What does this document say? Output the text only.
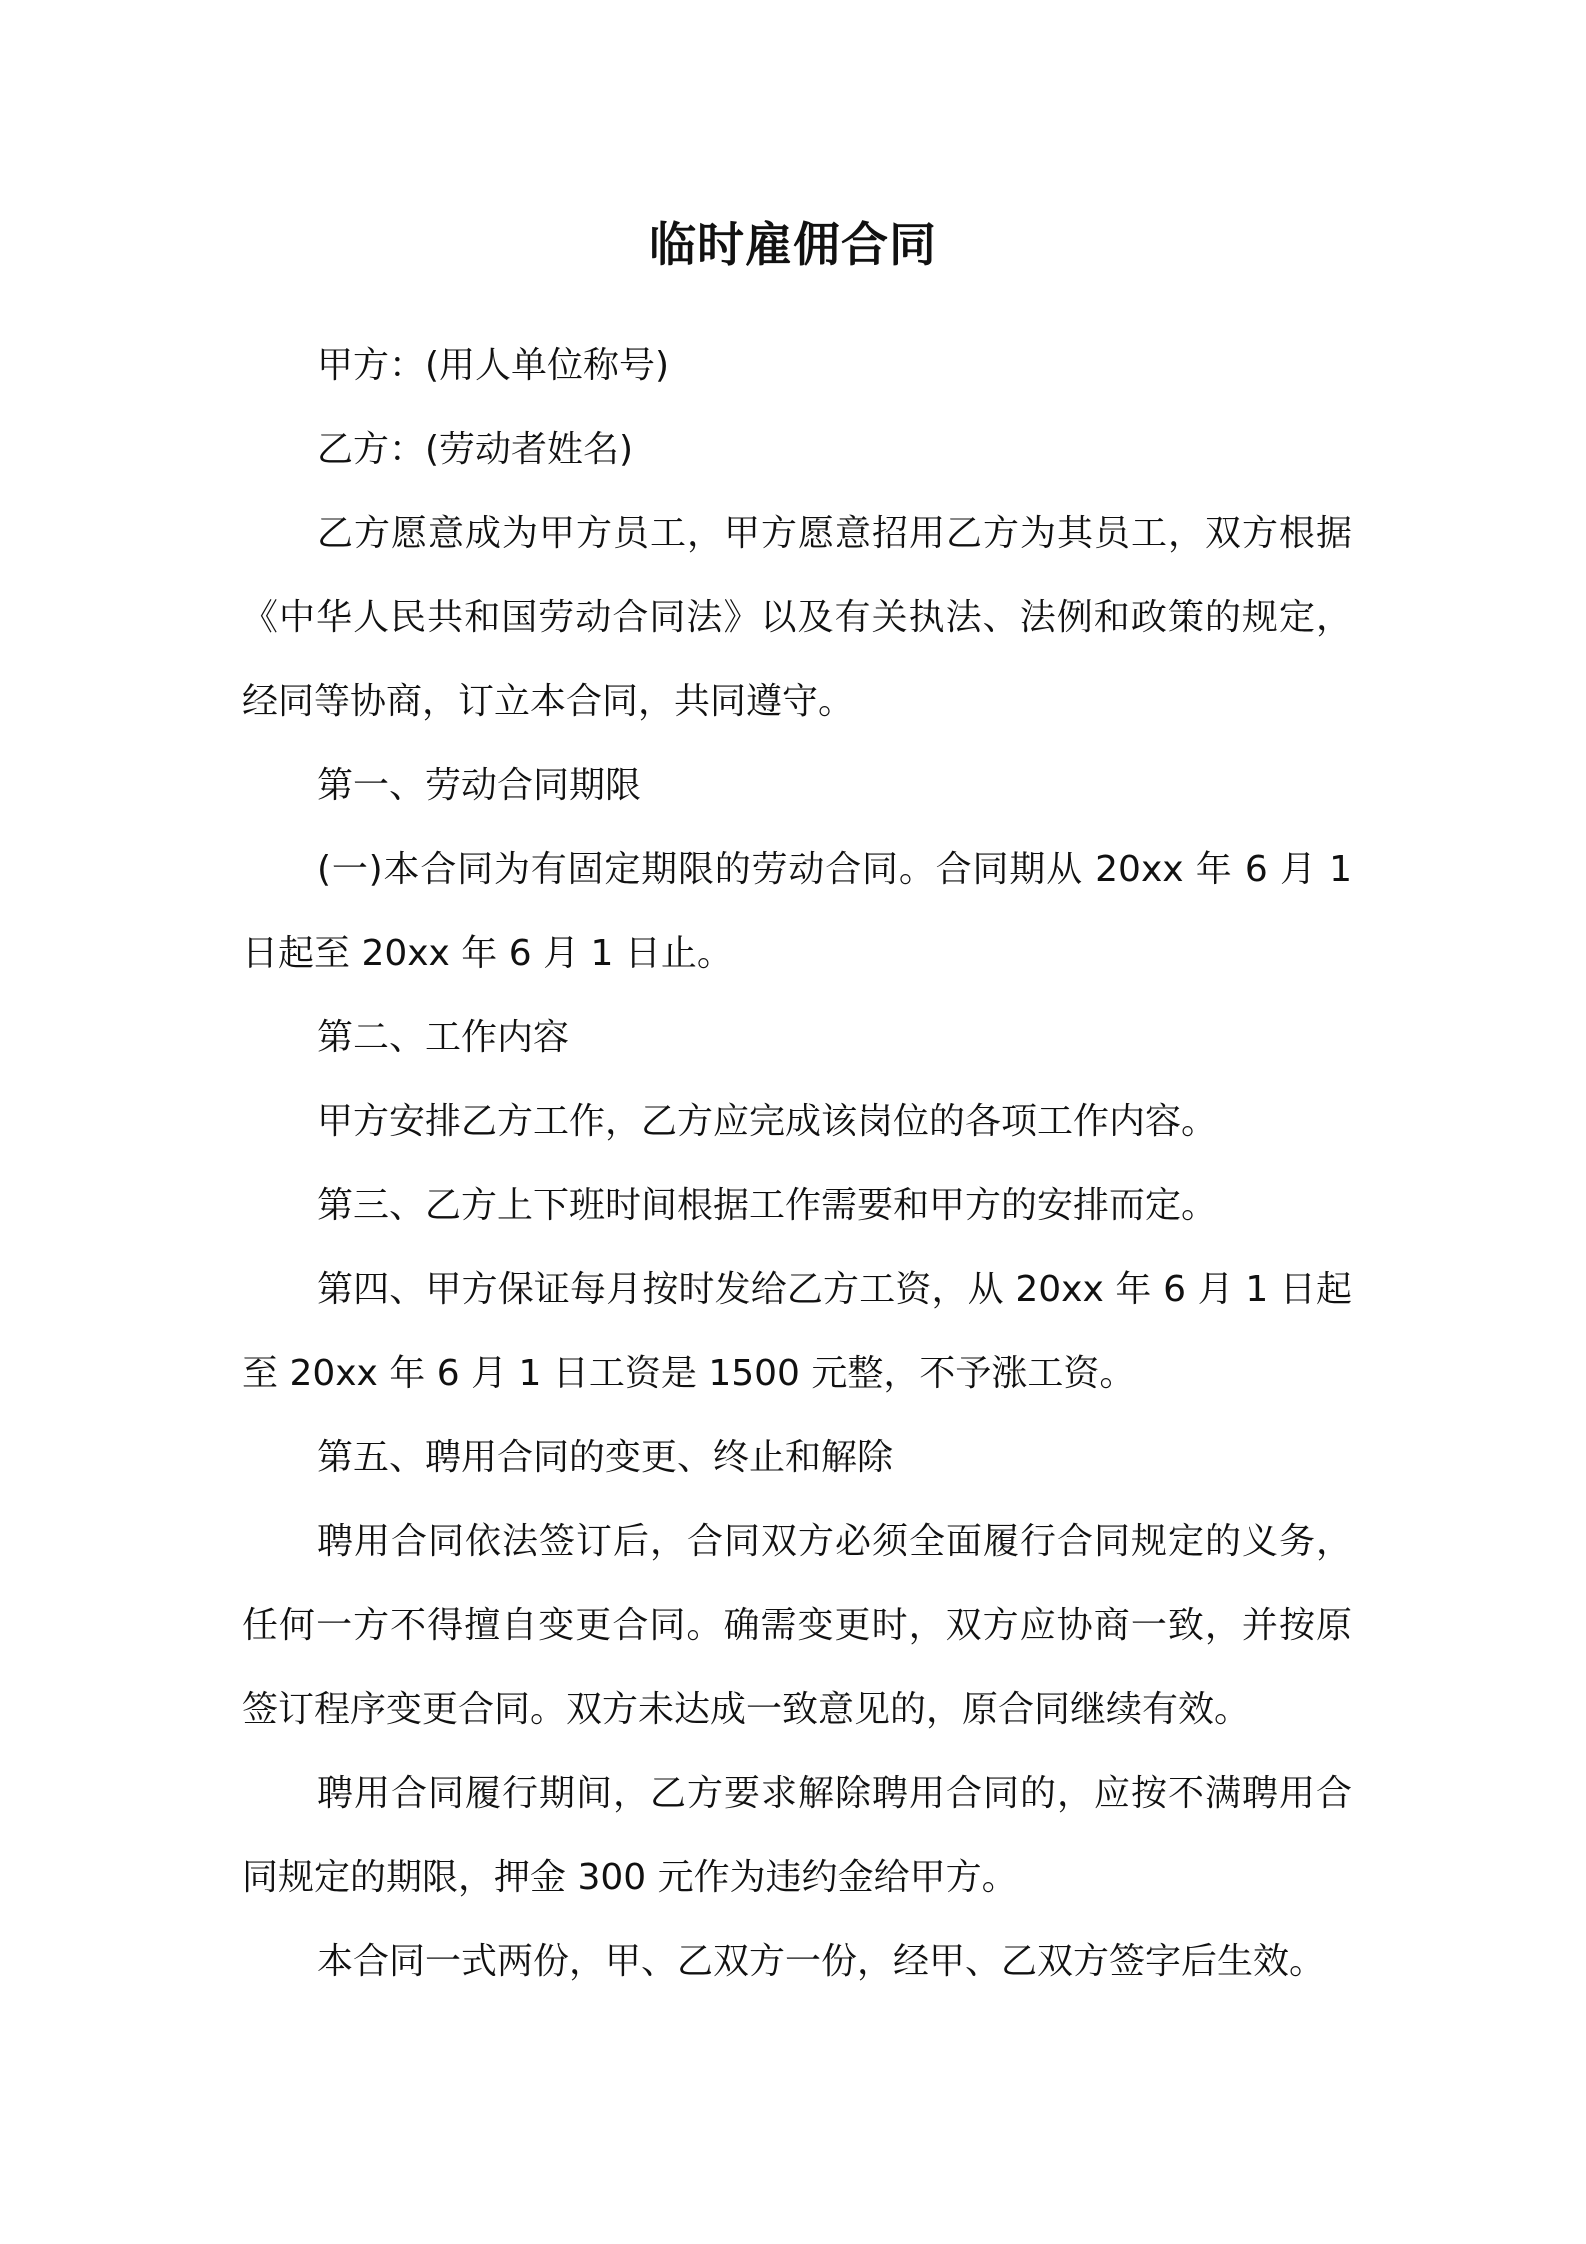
临时雇佣合同

甲方：(用人单位称号)

乙方：(劳动者姓名)

乙方愿意成为甲方员工，甲方愿意招用乙方为其员工，双方根据《中华人民共和国劳动合同法》以及有关执法、法例和政策的规定，经同等协商，订立本合同，共同遵守。

第一、劳动合同期限

(一)本合同为有固定期限的劳动合同。合同期从 20xx 年 6 月 1 日起至 20xx 年 6 月 1 日止。

第二、工作内容

甲方安排乙方工作，乙方应完成该岗位的各项工作内容。

第三、乙方上下班时间根据工作需要和甲方的安排而定。

第四、甲方保证每月按时发给乙方工资，从 20xx 年 6 月 1 日起至 20xx 年 6 月 1 日工资是 1500 元整，不予涨工资。

第五、聘用合同的变更、终止和解除

聘用合同依法签订后，合同双方必须全面履行合同规定的义务，任何一方不得擅自变更合同。确需变更时，双方应协商一致，并按原签订程序变更合同。双方未达成一致意见的，原合同继续有效。

聘用合同履行期间，乙方要求解除聘用合同的，应按不满聘用合同规定的期限，押金 300 元作为违约金给甲方。

本合同一式两份，甲、乙双方一份，经甲、乙双方签字后生效。
